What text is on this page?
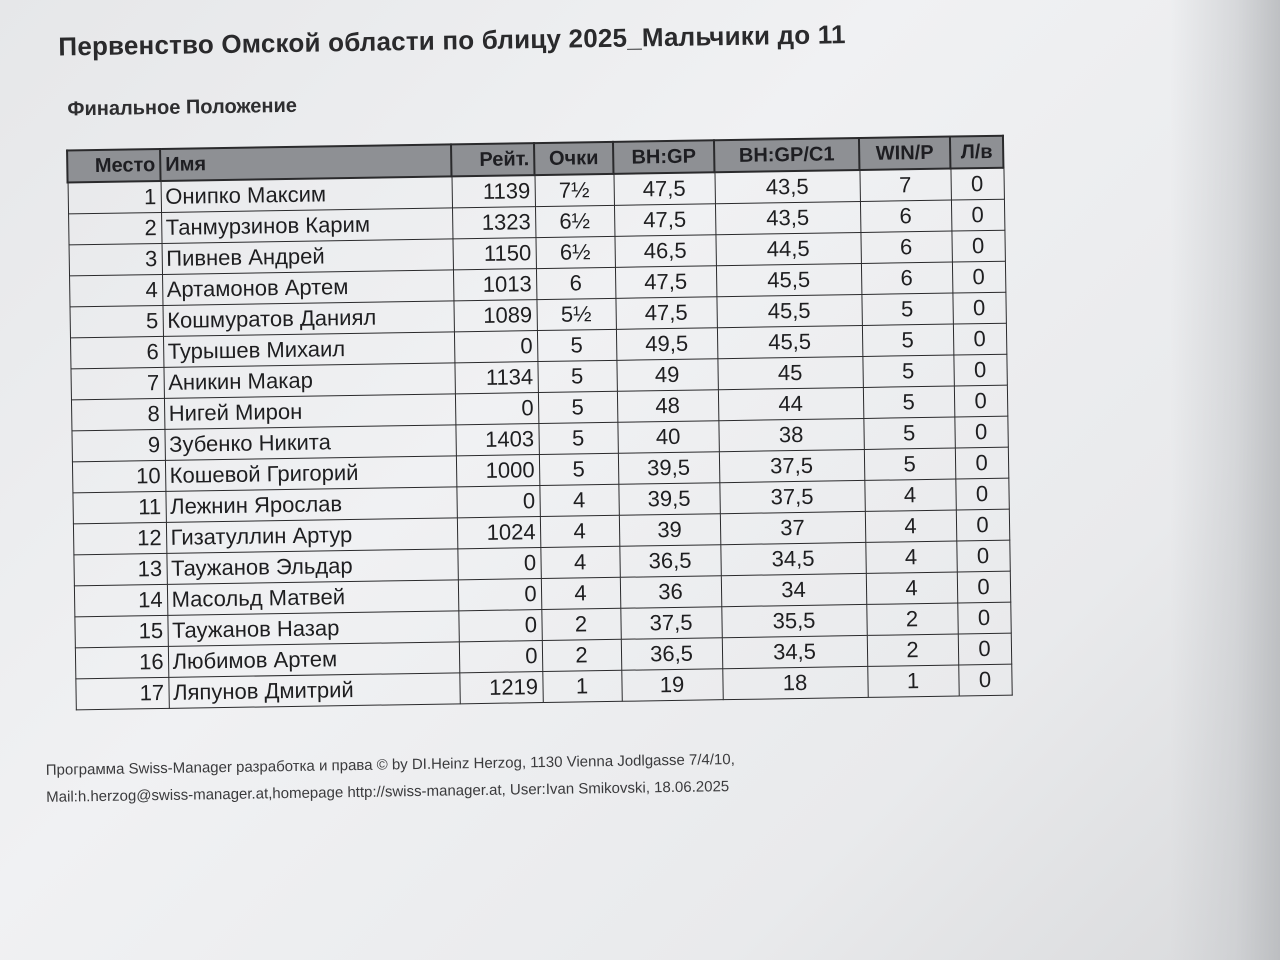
Первенство Омской области по блицу 2025_Мальчики до 11
Финальное Положение
Место	Имя	Рейт.	Очки	BH:GP	BH:GP/C1	WIN/P	Л/в
1	Онипко Максим	1139	7½	47,5	43,5	7	0
2	Танмурзинов Карим	1323	6½	47,5	43,5	6	0
3	Пивнев Андрей	1150	6½	46,5	44,5	6	0
4	Артамонов Артем	1013	6	47,5	45,5	6	0
5	Кошмуратов Даниял	1089	5½	47,5	45,5	5	0
6	Турышев Михаил	0	5	49,5	45,5	5	0
7	Аникин Макар	1134	5	49	45	5	0
8	Нигей Мирон	0	5	48	44	5	0
9	Зубенко Никита	1403	5	40	38	5	0
10	Кошевой Григорий	1000	5	39,5	37,5	5	0
11	Лежнин Ярослав	0	4	39,5	37,5	4	0
12	Гизатуллин Артур	1024	4	39	37	4	0
13	Таужанов Эльдар	0	4	36,5	34,5	4	0
14	Масольд Матвей	0	4	36	34	4	0
15	Таужанов Назар	0	2	37,5	35,5	2	0
16	Любимов Артем	0	2	36,5	34,5	2	0
17	Ляпунов Дмитрий	1219	1	19	18	1	0
Программа Swiss-Manager разработка и права © by DI.Heinz Herzog, 1130 Vienna Jodlgasse 7/4/10,
Mail:h.herzog@swiss-manager.at,homepage http://swiss-manager.at, User:Ivan Smikovski, 18.06.2025
